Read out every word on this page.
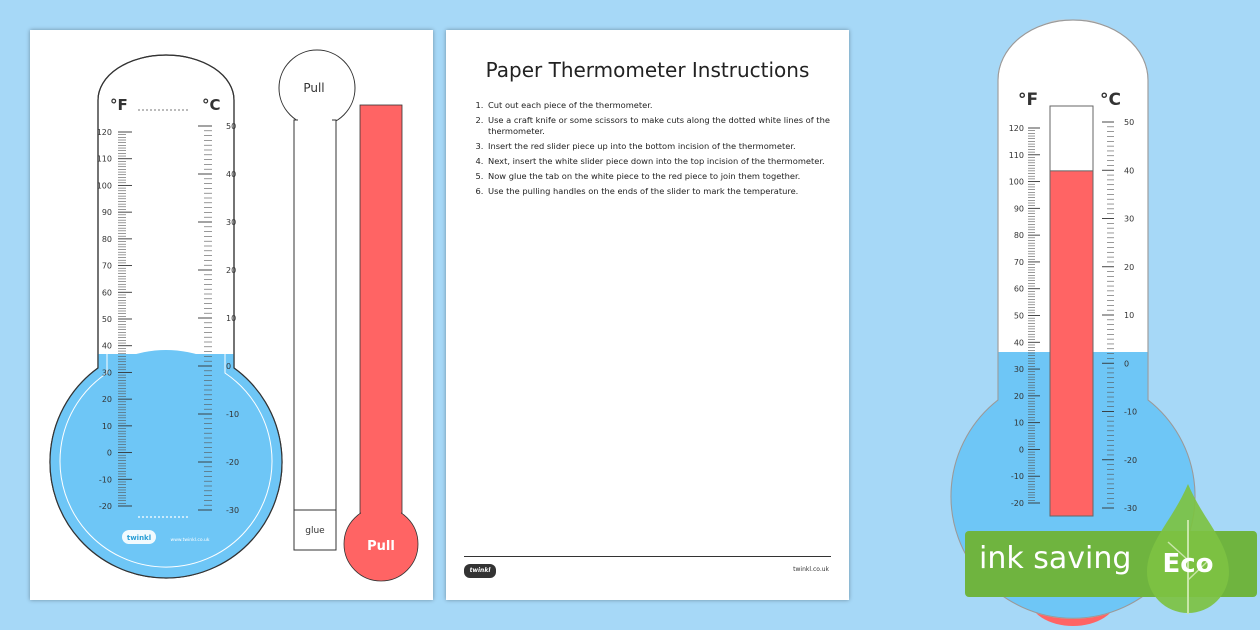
°F	°C
120
110
100
90
80
70
60
50
40
30
20
10
0
-10
-20
50
40
30
20
10
0
-10
-20
-30
twinkl	www.twinkl.co.uk
Pull
glue
Pull
Paper Thermometer Instructions
1. Cut out each piece of the thermometer.
2. Use a craft knife or some scissors to make cuts along the dotted white lines of the thermometer.
3. Insert the red slider piece up into the bottom incision of the thermometer.
4. Next, insert the white slider piece down into the top incision of the thermometer.
5. Now glue the tab on the white piece to the red piece to join them together.
6. Use the pulling handles on the ends of the slider to mark the temperature.
twinkl	twinkl.co.uk
°F	°C
120
110
100
90
80
70
60
50
40
30
20
10
0
-10
-20
50
40
30
20
10
0
-10
-20
-30
ink saving Eco
